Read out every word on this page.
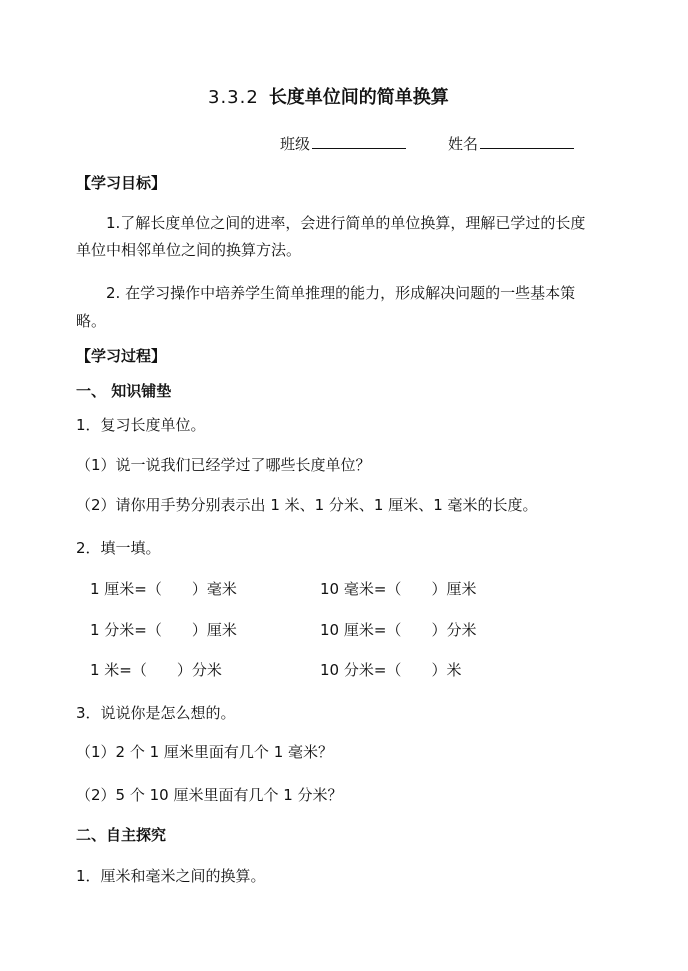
3.3.2 长度单位间的简单换算
班级	姓名
【学习目标】
1.了解长度单位之间的进率，会进行简单的单位换算，理解已学过的长度
单位中相邻单位之间的换算方法。
2. 在学习操作中培养学生简单推理的能力，形成解决问题的一些基本策
略。
【学习过程】
一、 知识铺垫
1．复习长度单位。
（1）说一说我们已经学过了哪些长度单位？
（2）请你用手势分别表示出 1 米、1 分米、1 厘米、1 毫米的长度。
2．填一填。
1 厘米=（ ）毫米	10 毫米=（ ）厘米
1 分米=（ ）厘米	10 厘米=（ ）分米
1 米=（ ）分米	10 分米=（ ）米
3．说说你是怎么想的。
（1）2 个 1 厘米里面有几个 1 毫米？
（2）5 个 10 厘米里面有几个 1 分米？
二、自主探究
1．厘米和毫米之间的换算。
